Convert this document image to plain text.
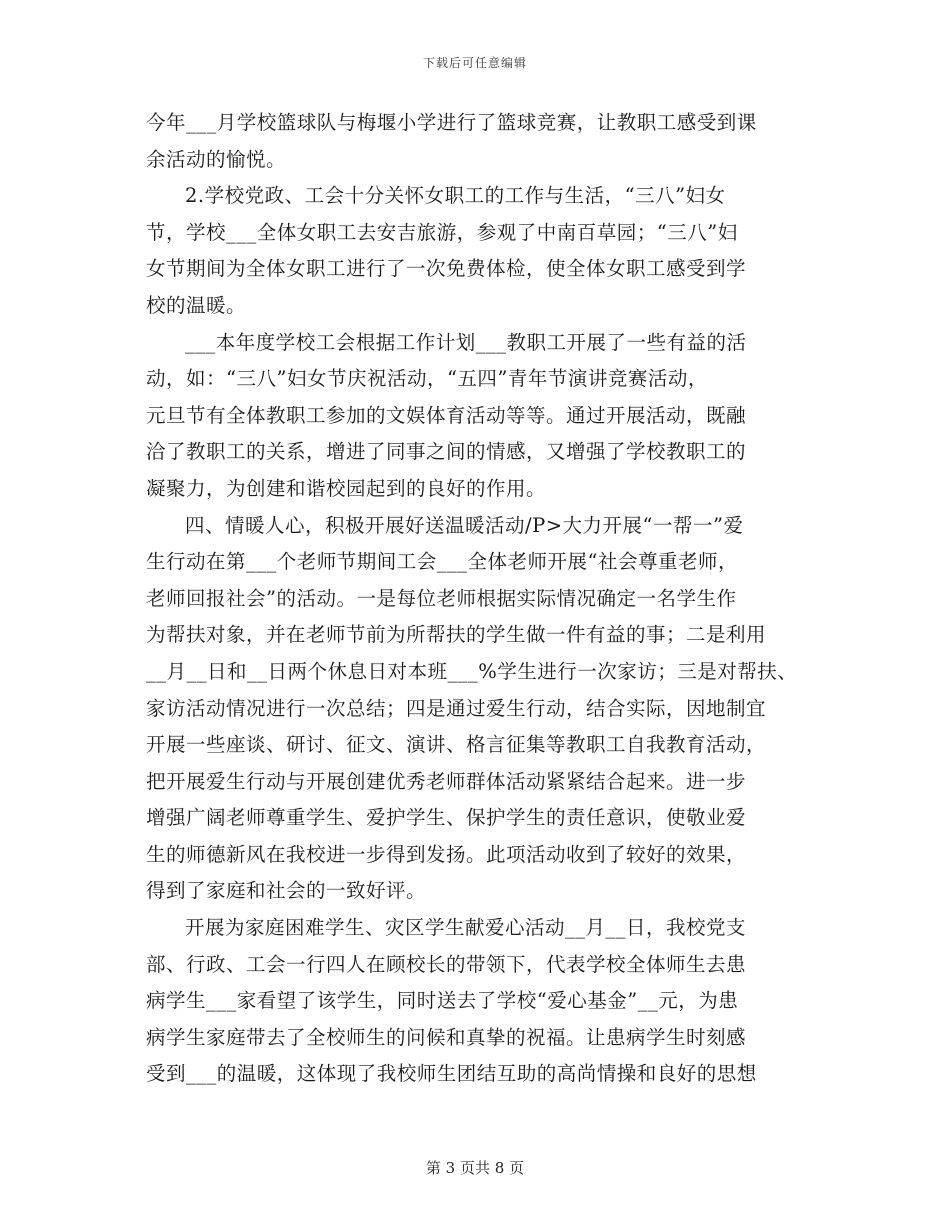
下载后可任意编辑
今年___月学校篮球队与梅堰小学进行了篮球竞赛，让教职工感受到课
余活动的愉悦。
2.学校党政、工会十分关怀女职工的工作与生活，“三八”妇女
节，学校___全体女职工去安吉旅游，参观了中南百草园；“三八”妇
女节期间为全体女职工进行了一次免费体检，使全体女职工感受到学
校的温暖。
___本年度学校工会根据工作计划___教职工开展了一些有益的活
动，如：“三八”妇女节庆祝活动，“五四”青年节演讲竞赛活动，
元旦节有全体教职工参加的文娱体育活动等等。通过开展活动，既融
洽了教职工的关系，增进了同事之间的情感，又增强了学校教职工的
凝聚力，为创建和谐校园起到的良好的作用。
四、情暖人心，积极开展好送温暖活动/P>大力开展“一帮一”爱
生行动在第___个老师节期间工会___全体老师开展“社会尊重老师，
老师回报社会”的活动。一是每位老师根据实际情况确定一名学生作
为帮扶对象，并在老师节前为所帮扶的学生做一件有益的事；二是利用
__月__日和__日两个休息日对本班___%学生进行一次家访；三是对帮扶、
家访活动情况进行一次总结；四是通过爱生行动，结合实际，因地制宜
开展一些座谈、研讨、征文、演讲、格言征集等教职工自我教育活动，
把开展爱生行动与开展创建优秀老师群体活动紧紧结合起来。进一步
增强广阔老师尊重学生、爱护学生、保护学生的责任意识，使敬业爱
生的师德新风在我校进一步得到发扬。此项活动收到了较好的效果，
得到了家庭和社会的一致好评。
开展为家庭困难学生、灾区学生献爱心活动__月__日，我校党支
部、行政、工会一行四人在顾校长的带领下，代表学校全体师生去患
病学生___家看望了该学生，同时送去了学校“爱心基金”__元，为患
病学生家庭带去了全校师生的问候和真挚的祝福。让患病学生时刻感
受到___的温暖，这体现了我校师生团结互助的高尚情操和良好的思想
第 3 页共 8 页
